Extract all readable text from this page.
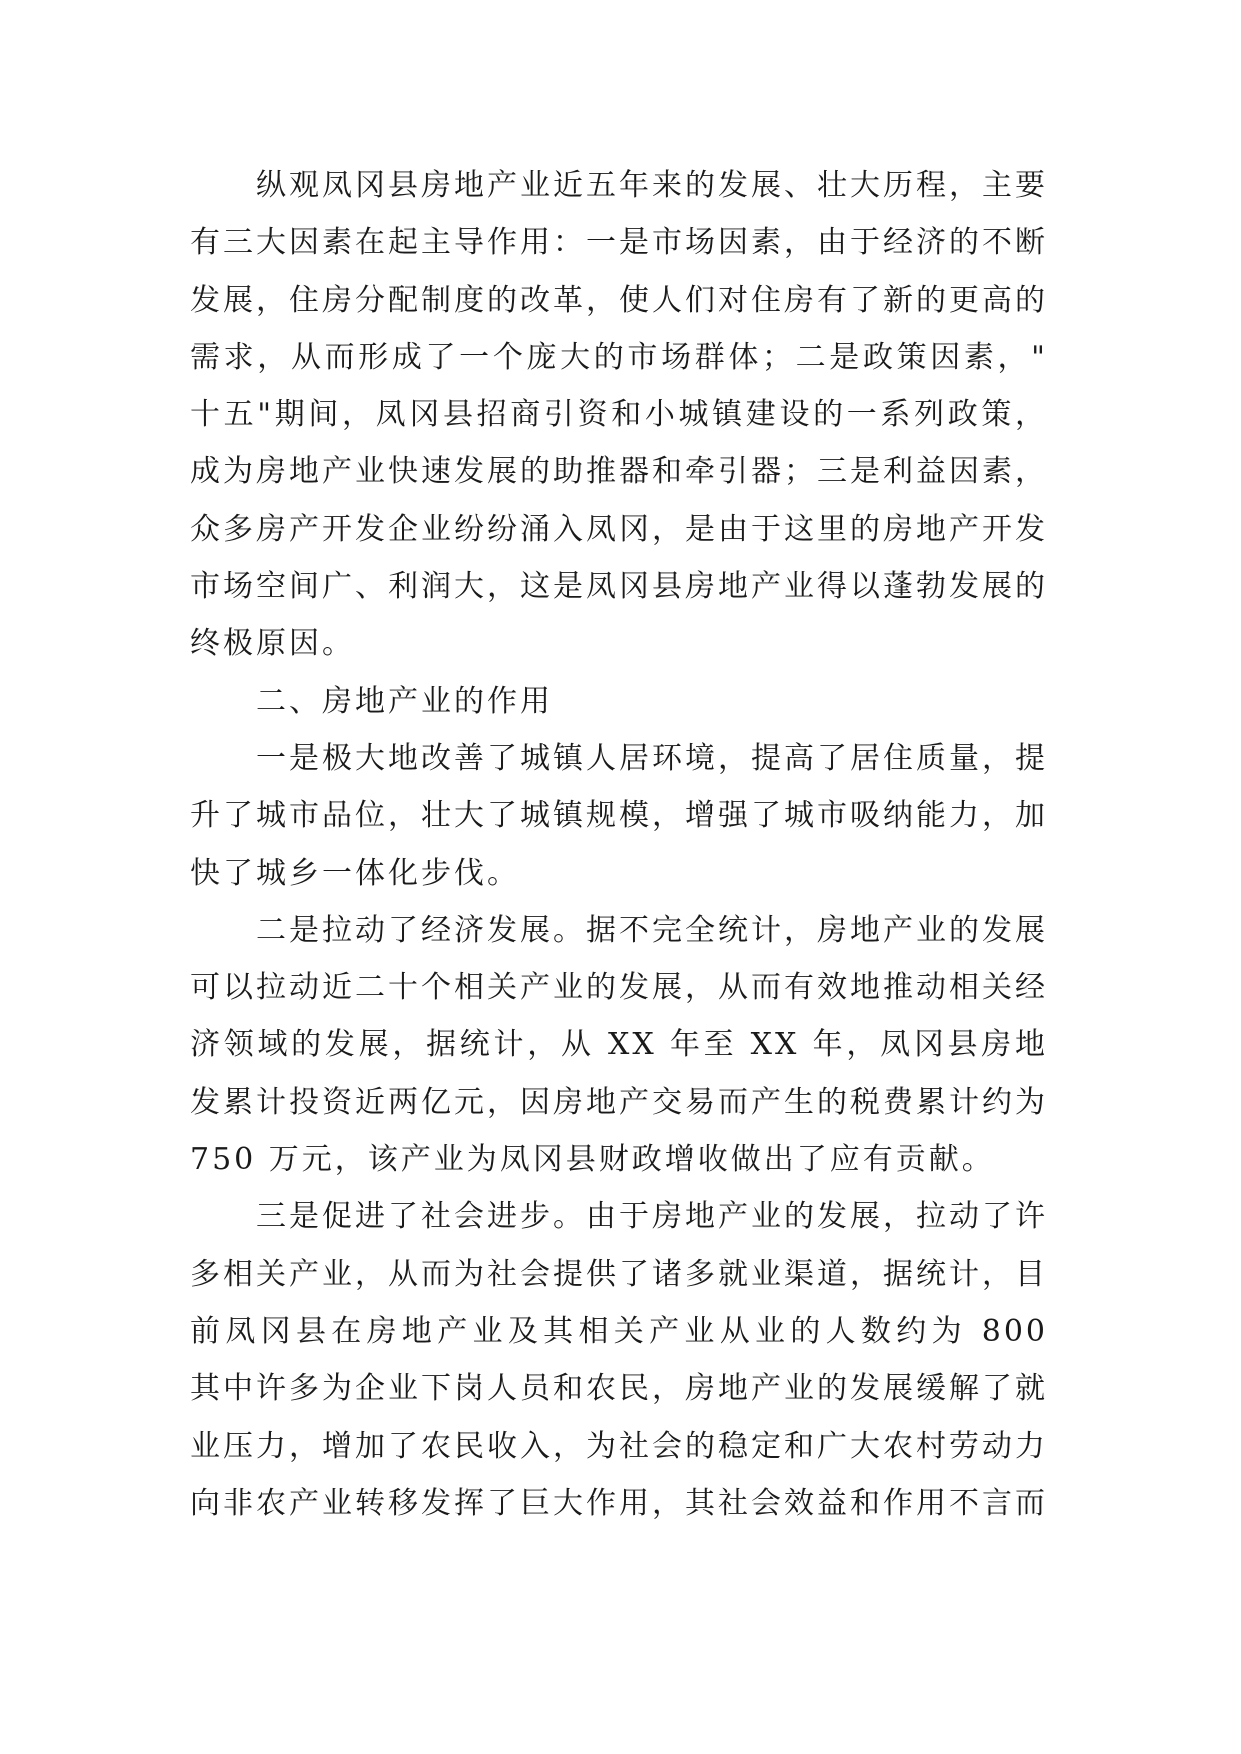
纵观凤冈县房地产业近五年来的发展、壮大历程，主要
有三大因素在起主导作用：一是市场因素，由于经济的不断
发展，住房分配制度的改革，使人们对住房有了新的更高的
需求，从而形成了一个庞大的市场群体；二是政策因素，"
十五"期间，凤冈县招商引资和小城镇建设的一系列政策，
成为房地产业快速发展的助推器和牵引器；三是利益因素，
众多房产开发企业纷纷涌入凤冈，是由于这里的房地产开发
市场空间广、利润大，这是凤冈县房地产业得以蓬勃发展的
终极原因。
二、房地产业的作用
一是极大地改善了城镇人居环境，提高了居住质量，提
升了城市品位，壮大了城镇规模，增强了城市吸纳能力，加
快了城乡一体化步伐。
二是拉动了经济发展。据不完全统计，房地产业的发展
可以拉动近二十个相关产业的发展，从而有效地推动相关经
济领域的发展，据统计，从 XX 年至 XX 年，凤冈县房地
发累计投资近两亿元，因房地产交易而产生的税费累计约为
750 万元，该产业为凤冈县财政增收做出了应有贡献。
三是促进了社会进步。由于房地产业的发展，拉动了许
多相关产业，从而为社会提供了诸多就业渠道，据统计，目
前凤冈县在房地产业及其相关产业从业的人数约为 800
其中许多为企业下岗人员和农民，房地产业的发展缓解了就
业压力，增加了农民收入，为社会的稳定和广大农村劳动力
向非农产业转移发挥了巨大作用，其社会效益和作用不言而
